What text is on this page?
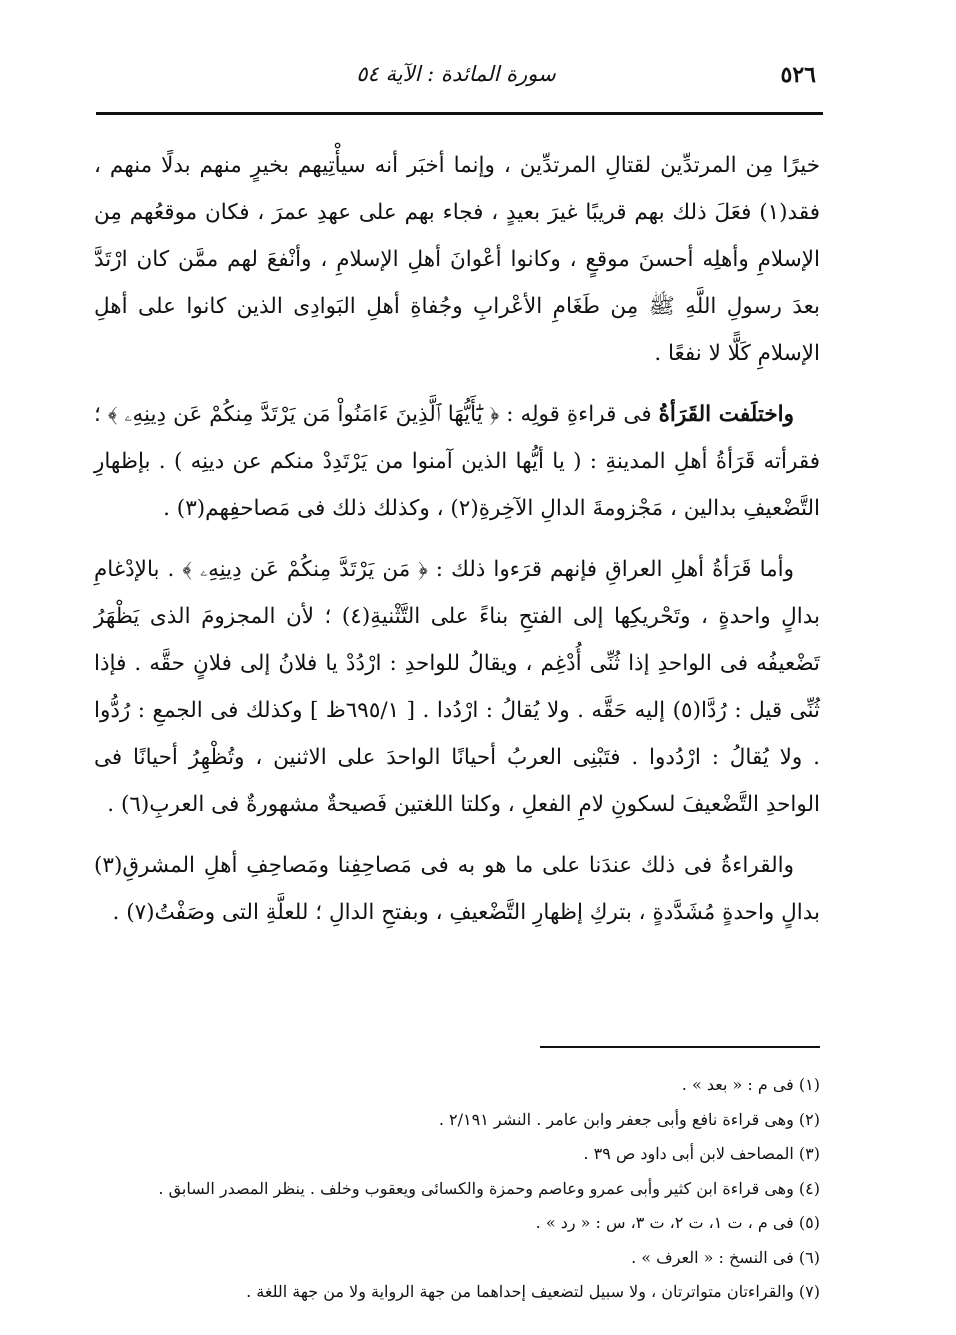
٥٢٦
سورة المائدة : الآية ٥٤

خيرًا مِن المرتدِّين لقتالِ المرتدِّين ، وإنما أخبَر أنه سيأْتِيهم بخيرٍ منهم بدلًا منهم ، فقد(١) فعَلَ ذلك بهم قريبًا غيرَ بعيدٍ ، فجاء بهم على عهدِ عمرَ ، فكان موقعُهم مِن الإسلامِ وأهلِه أحسنَ موقعٍ ، وكانوا أعْوانَ أهلِ الإسلامِ ، وأنْفعَ لهم ممَّن كان ارْتَدَّ بعدَ رسولِ اللَّهِ ﷺ مِن طَغَامِ الأعْرابِ وجُفاةِ أهلِ البَوادِى الذين كانوا على أهلِ الإسلامِ كَلًّا لا نفعًا .

واختلَفت القَرَأةُ فى قراءةِ قولِه : ﴿ يَٰٓأَيُّهَا ٱلَّذِينَ ءَامَنُواْ مَن يَرْتَدَّ مِنكُمْ عَن دِينِهِۦ ﴾ ؛ فقرأته قَرَأةُ أهلِ المدينةِ : ( يا أيُّها الذين آمنوا من يَرْتَدِدْ منكم عن دينِه ) . بإظهارِ التَّضْعيفِ بدالين ، مَجْزومةَ الدالِ الآخِرةِ(٢) ، وكذلك ذلك فى مَصاحفِهم(٣) .

وأما قَرَأةُ أهلِ العراقِ فإنهم قرَءوا ذلك : ﴿ مَن يَرْتَدَّ مِنكُمْ عَن دِينِهِۦ ﴾ . بالإدْغامِ بدالٍ واحدةٍ ، وتَحْريكِها إلى الفتحِ بناءً على التَّثْنيةِ(٤) ؛ لأن المجزومَ الذى يَظْهَرُ تَضْعيفُه فى الواحدِ إذا ثُنِّى أُدْغِم ، ويقالُ للواحدِ : ارْدُدْ يا فلانُ إلى فلانٍ حقَّه . فإذا ثُنِّى قيل : رُدَّا(٥) إليه حَقَّه . ولا يُقالُ : ارْدُدا . [ ٦٩٥/١ظ ] وكذلك فى الجمعِ : رُدُّوا . ولا يُقالُ : ارْدُدوا . فتَبْنِى العربُ أحيانًا الواحدَ على الاثنين ، وتُظْهِرُ أحيانًا فى الواحدِ التَّضْعيفَ لسكونِ لامِ الفعلِ ، وكلتا اللغتين فَصيحةٌ مشهورةٌ فى العربِ(٦) .

والقراءةُ فى ذلك عندَنا على ما هو به فى مَصاحِفِنا ومَصاحِفِ أهلِ المشرقِ(٣) بدالٍ واحدةٍ مُشَدَّدةٍ ، بتركِ إظهارِ التَّضْعيفِ ، وبفتحِ الدالِ ؛ للعلَّةِ التى وصَفْتُ(٧) .

(١) فى م : « بعد » .
(٢) وهى قراءة نافع وأبى جعفر وابن عامر . النشر ٢/١٩١ .
(٣) المصاحف لابن أبى داود ص ٣٩ .
(٤) وهى قراءة ابن كثير وأبى عمرو وعاصم وحمزة والكسائى ويعقوب وخلف . ينظر المصدر السابق .
(٥) فى م ، ت ١، ت ٢، ت ٣، س : « رد » .
(٦) فى النسخ : « العرف » .
(٧) والقراءتان متواترتان ، ولا سبيل لتضعيف إحداهما من جهة الرواية ولا من جهة اللغة .
